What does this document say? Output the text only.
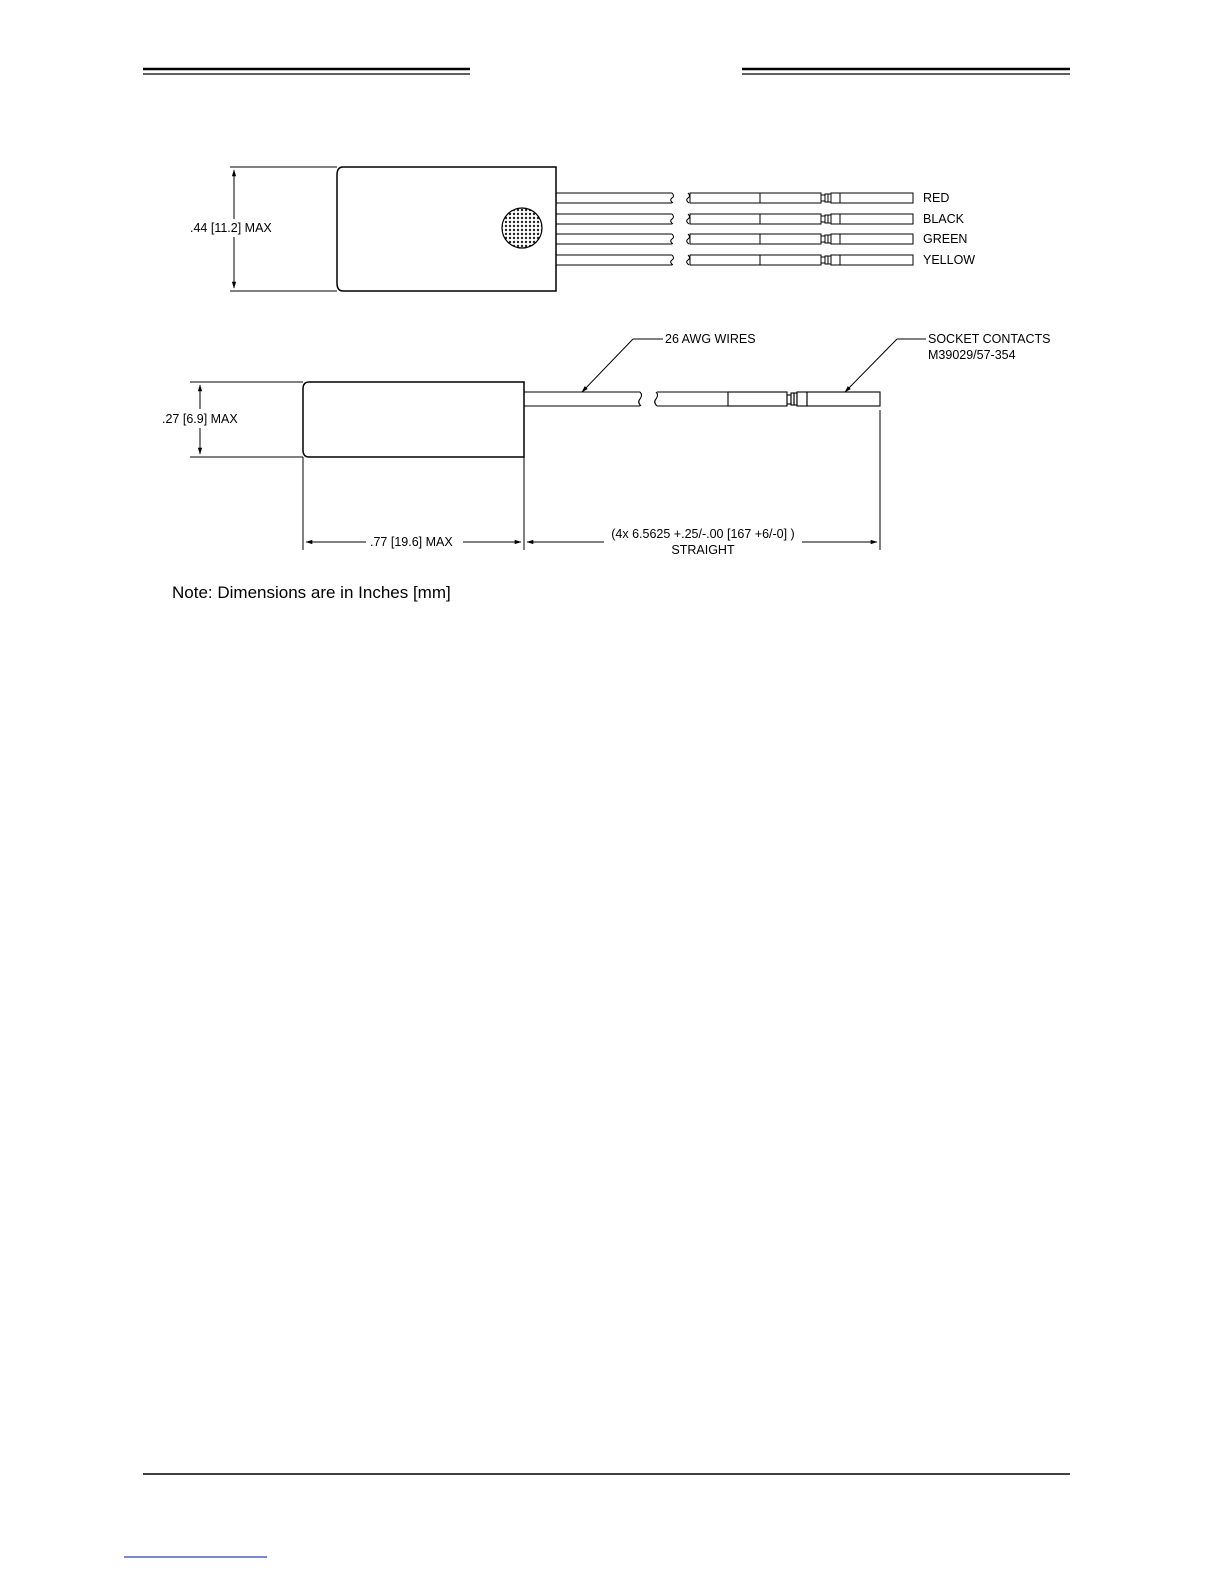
.44 [11.2] MAX
RED
BLACK
GREEN
YELLOW
26 AWG WIRES	SOCKET CONTACTS
M39029/57-354
.27 [6.9] MAX
.77 [19.6] MAX
(4x 6.5625 +.25/-.00 [167 +6/-0] )
STRAIGHT
Note: Dimensions are in Inches [mm]
